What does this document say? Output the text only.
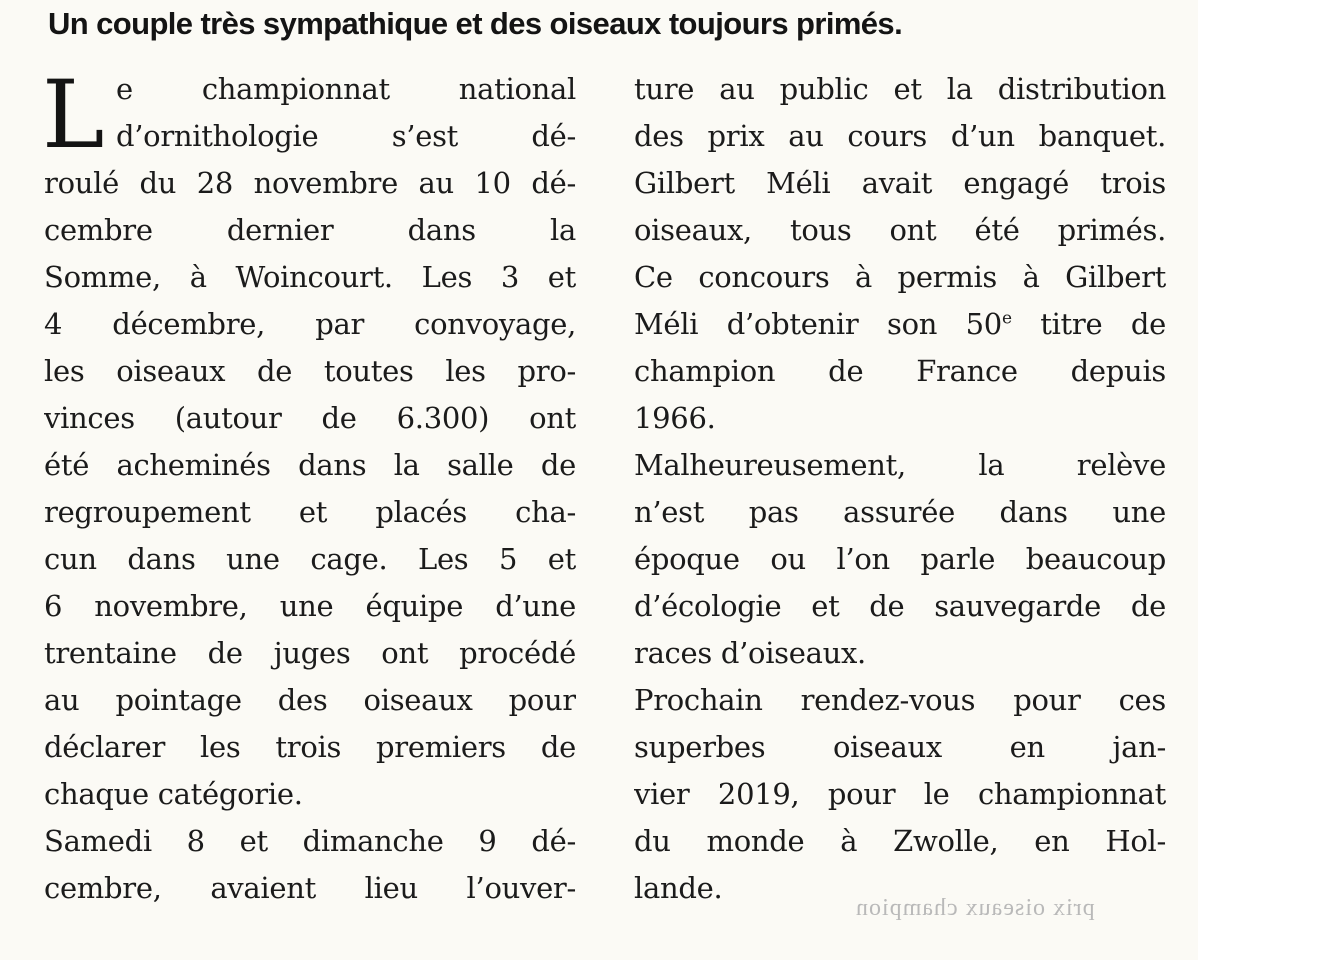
Un couple très sympathique et des oiseaux toujours primés.
L e championnat national
d’ornithologie s’est dé-
roulé du 28 novembre au 10 dé-
cembre dernier dans la
Somme, à Woincourt. Les 3 et
4 décembre, par convoyage,
les oiseaux de toutes les pro-
vinces (autour de 6.300) ont
été acheminés dans la salle de
regroupement et placés cha-
cun dans une cage. Les 5 et
6 novembre, une équipe d’une
trentaine de juges ont procédé
au pointage des oiseaux pour
déclarer les trois premiers de
chaque catégorie.
Samedi 8 et dimanche 9 dé-
cembre, avaient lieu l’ouver-
ture au public et la distribution
des prix au cours d’un banquet.
Gilbert Méli avait engagé trois
oiseaux, tous ont été primés.
Ce concours à permis à Gilbert
Méli d’obtenir son 50e titre de
champion de France depuis
1966.
Malheureusement, la relève
n’est pas assurée dans une
époque ou l’on parle beaucoup
d’écologie et de sauvegarde de
races d’oiseaux.
Prochain rendez-vous pour ces
superbes oiseaux en jan-
vier 2019, pour le championnat
du monde à Zwolle, en Hol-
lande.
prix oiseaux champion
